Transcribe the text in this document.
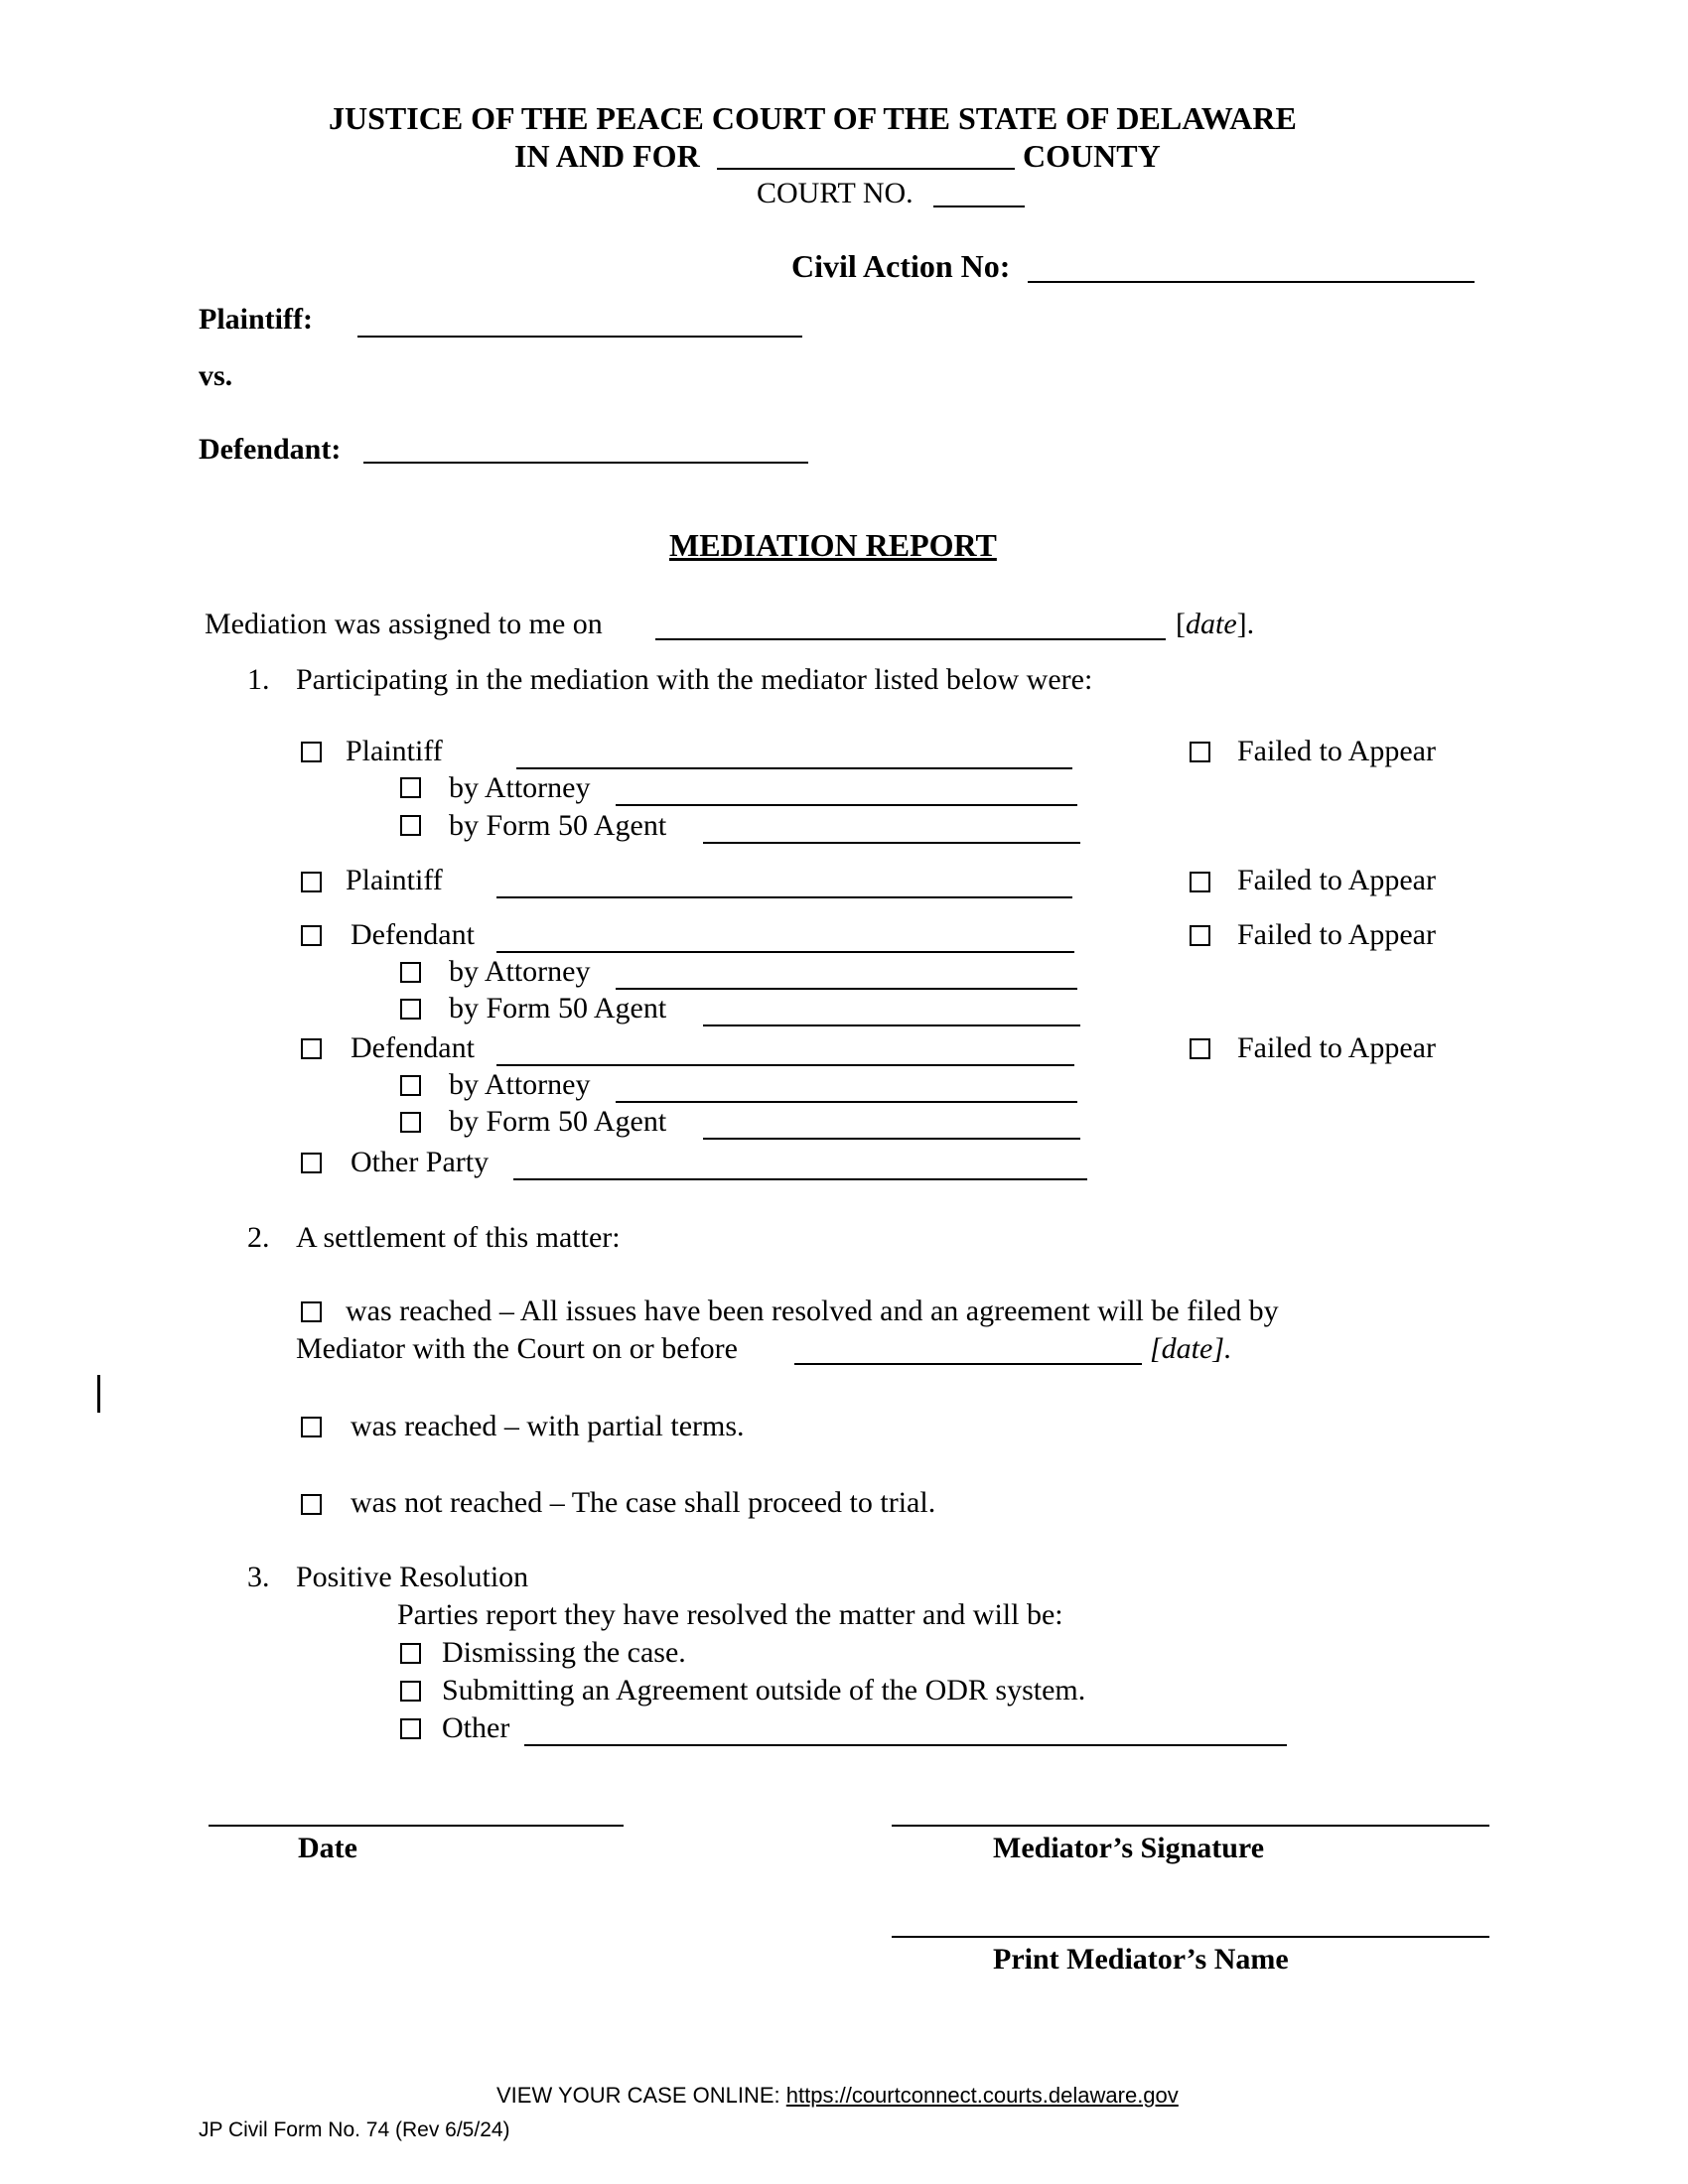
JUSTICE OF THE PEACE COURT OF THE STATE OF DELAWARE
IN AND FOR	COUNTY
COURT NO.
Civil Action No:
Plaintiff:
vs.
Defendant:
MEDIATION REPORT
Mediation was assigned to me on	[date].
1. Participating in the mediation with the mediator listed below were:
Plaintiff	Failed to Appear
by Attorney
by Form 50 Agent
Plaintiff	Failed to Appear
Defendant	Failed to Appear
by Attorney
by Form 50 Agent
Defendant	Failed to Appear
by Attorney
by Form 50 Agent
Other Party
2. A settlement of this matter:
was reached – All issues have been resolved and an agreement will be filed by
Mediator with the Court on or before	[date].
was reached – with partial terms.
was not reached – The case shall proceed to trial.
3. Positive Resolution
Parties report they have resolved the matter and will be:
Dismissing the case.
Submitting an Agreement outside of the ODR system.
Other
Date	Mediator’s Signature
Print Mediator’s Name
VIEW YOUR CASE ONLINE: https://courtconnect.courts.delaware.gov
JP Civil Form No. 74 (Rev 6/5/24)
